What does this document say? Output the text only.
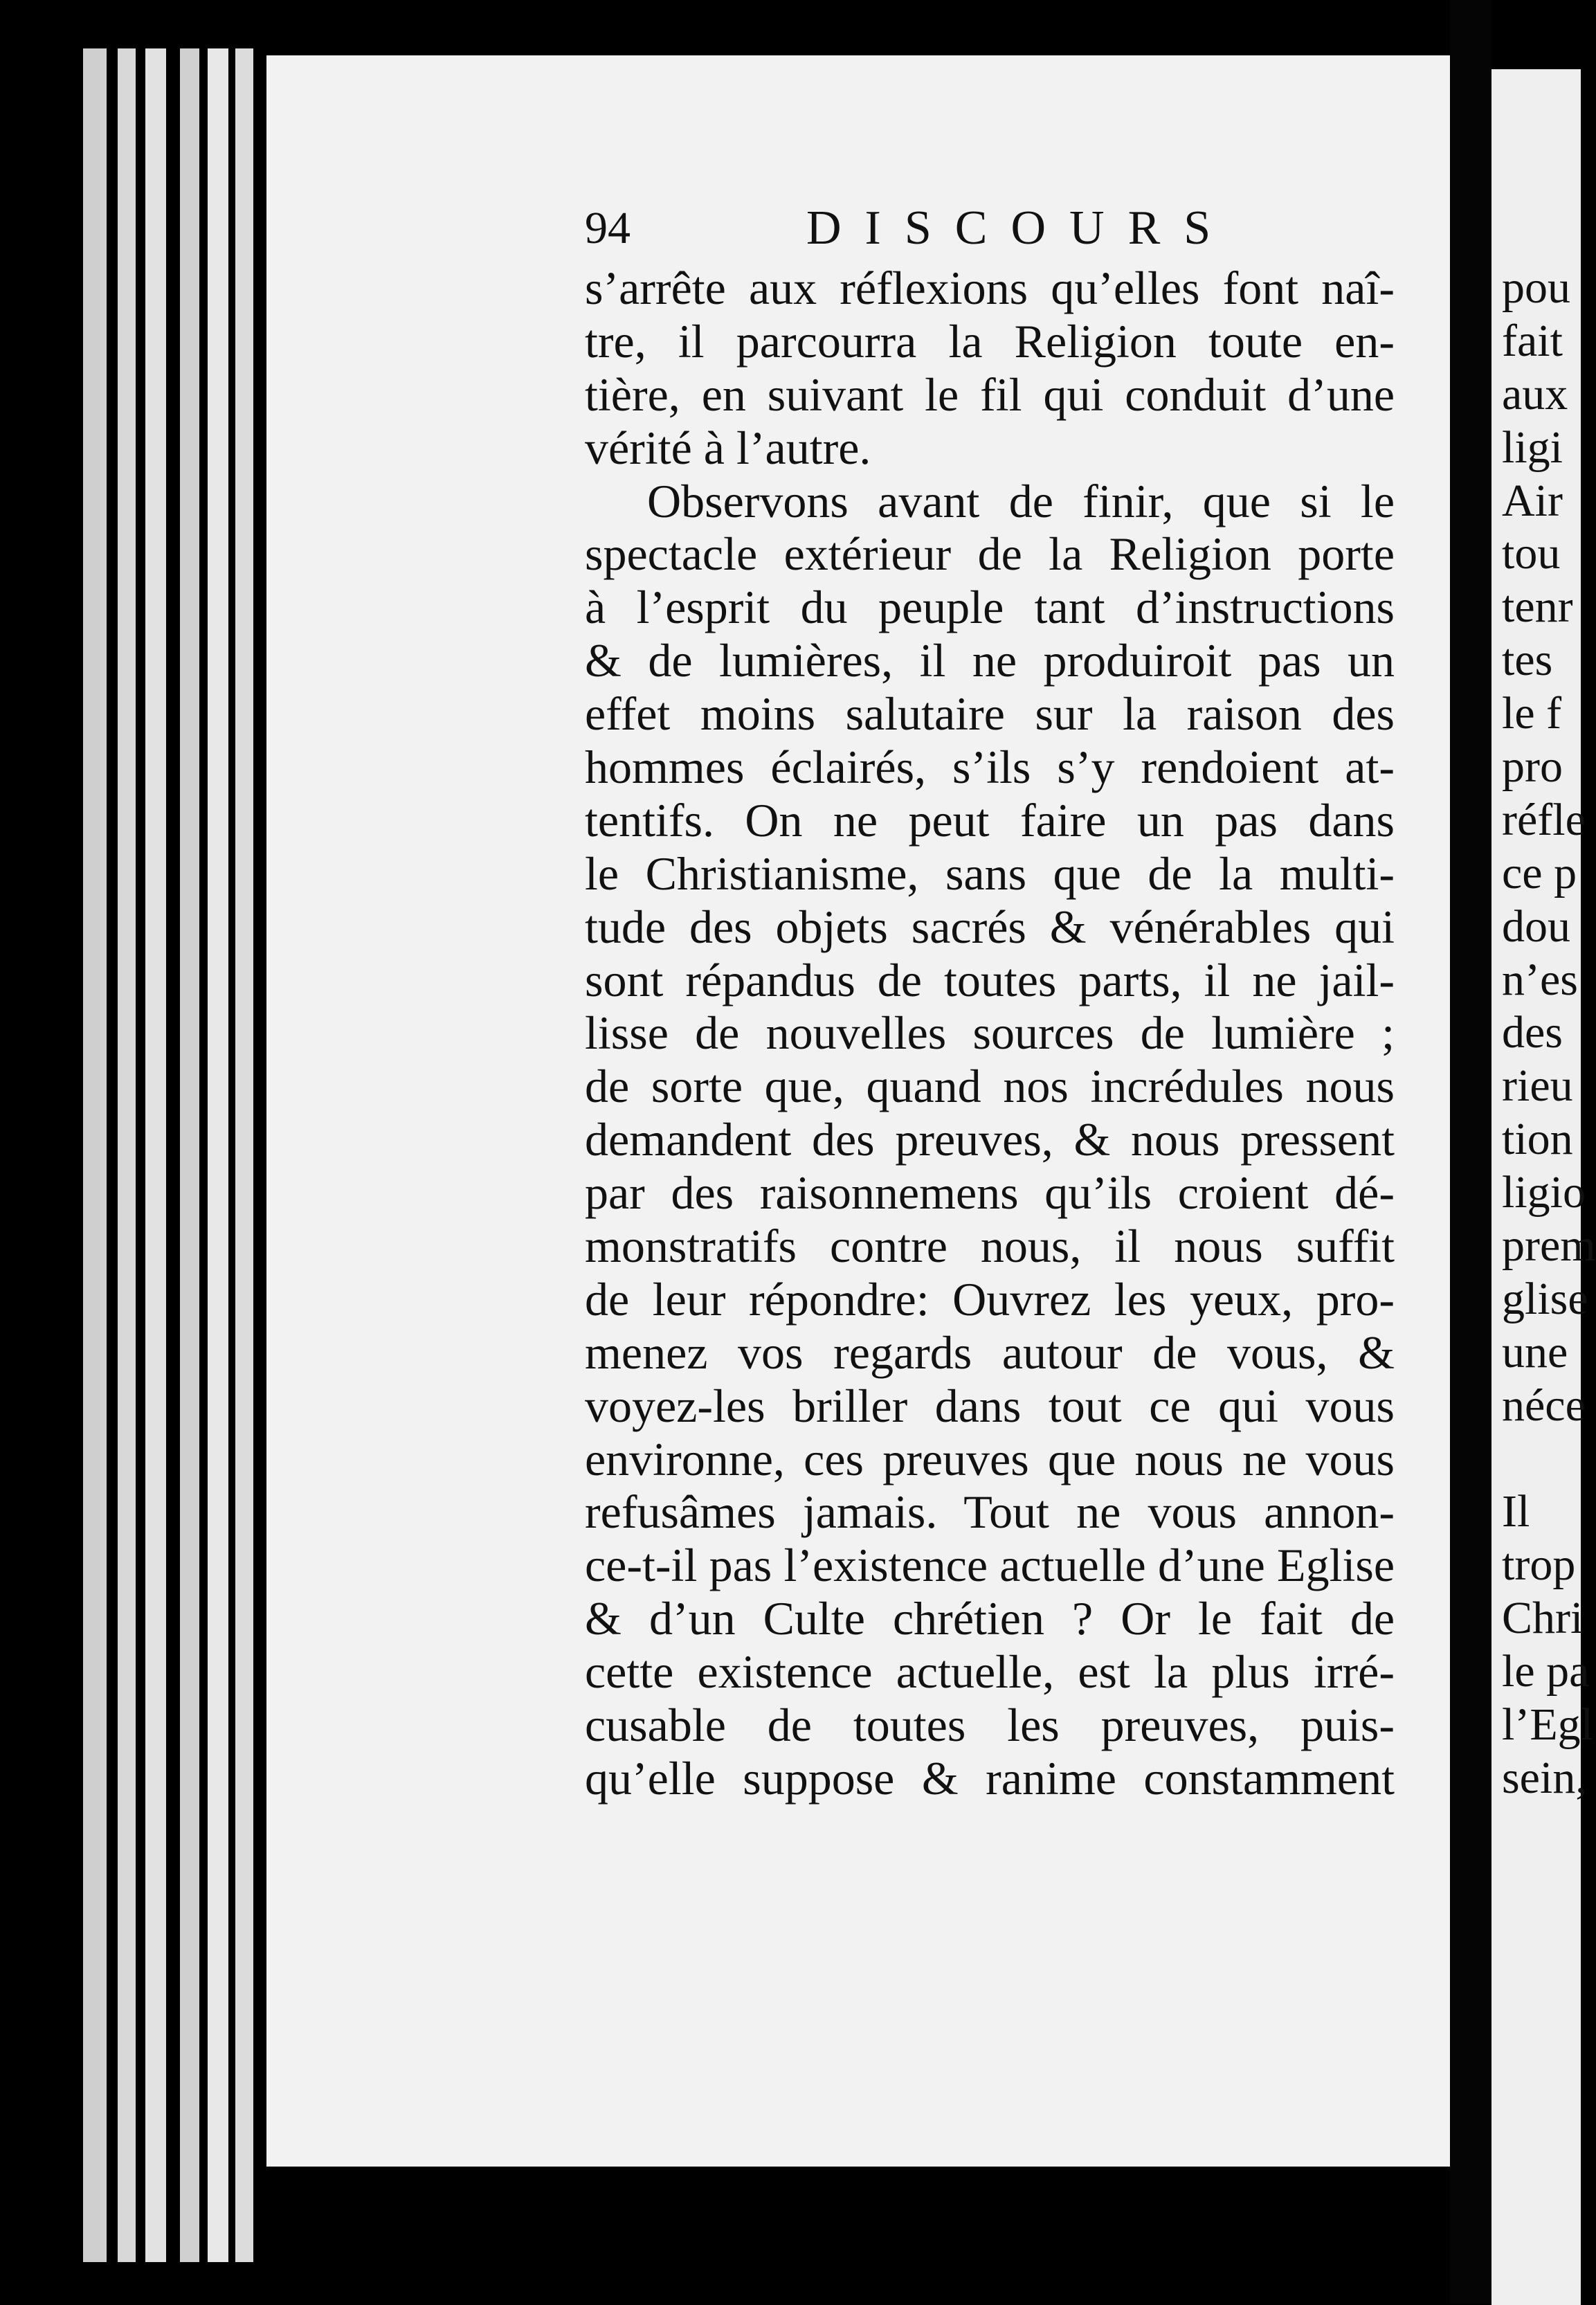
94	DISCOURS
s’arrête aux réflexions qu’elles font naî-
tre, il parcourra la Religion toute en-
tière, en suivant le fil qui conduit d’une
vérité à l’autre.
Observons avant de finir, que si le
spectacle extérieur de la Religion porte
à l’esprit du peuple tant d’instructions
& de lumières, il ne produiroit pas un
effet moins salutaire sur la raison des
hommes éclairés, s’ils s’y rendoient at-
tentifs. On ne peut faire un pas dans
le Christianisme, sans que de la multi-
tude des objets sacrés & vénérables qui
sont répandus de toutes parts, il ne jail-
lisse de nouvelles sources de lumière ;
de sorte que, quand nos incrédules nous
demandent des preuves, & nous pressent
par des raisonnemens qu’ils croient dé-
monstratifs contre nous, il nous suffit
de leur répondre: Ouvrez les yeux, pro-
menez vos regards autour de vous, &
voyez-les briller dans tout ce qui vous
environne, ces preuves que nous ne vous
refusâmes jamais. Tout ne vous annon-
ce-t-il pas l’existence actuelle d’une Eglise
& d’un Culte chrétien ? Or le fait de
cette existence actuelle, est la plus irré-
cusable de toutes les preuves, puis-
qu’elle suppose & ranime constamment
pou
fait
aux
ligi
Air
tou
tenr
tes
le f
pro
réfle
ce p
dou
n’es
des
rieu
tion
ligio
prem
glise
une
néce
Il
trop
Chri
le pa
l’Egl
sein,
